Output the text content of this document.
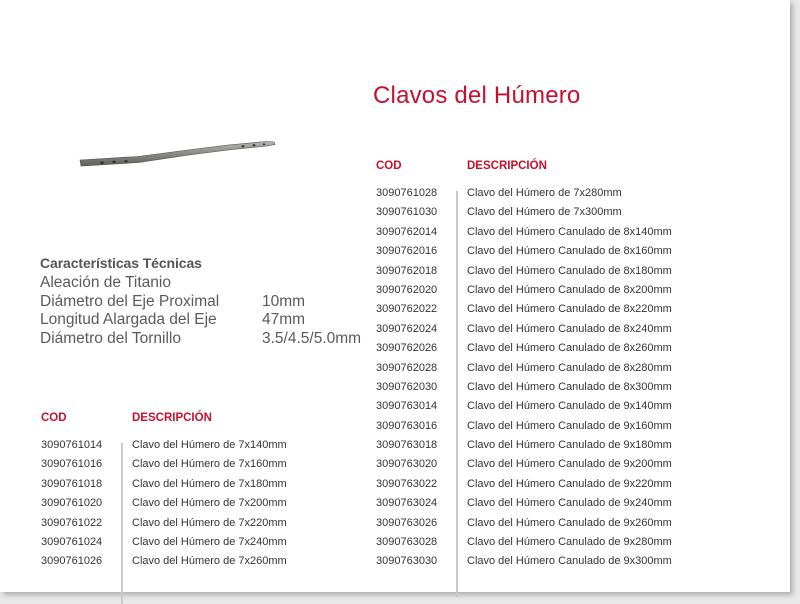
Clavos del Húmero
Características Técnicas
Aleación de Titanio
Diámetro del Eje Proximal	10mm
Longitud Alargada del Eje	47mm
Diámetro del Tornillo	3.5/4.5/5.0mm
COD	DESCRIPCIÓN
3090761014	Clavo del Húmero de 7x140mm
3090761016	Clavo del Húmero de 7x160mm
3090761018	Clavo del Húmero de 7x180mm
3090761020	Clavo del Húmero de 7x200mm
3090761022	Clavo del Húmero de 7x220mm
3090761024	Clavo del Húmero de 7x240mm
3090761026	Clavo del Húmero de 7x260mm
COD	DESCRIPCIÓN
3090761028	Clavo del Húmero de 7x280mm
3090761030	Clavo del Húmero de 7x300mm
3090762014	Clavo del Húmero Canulado de 8x140mm
3090762016	Clavo del Húmero Canulado de 8x160mm
3090762018	Clavo del Húmero Canulado de 8x180mm
3090762020	Clavo del Húmero Canulado de 8x200mm
3090762022	Clavo del Húmero Canulado de 8x220mm
3090762024	Clavo del Húmero Canulado de 8x240mm
3090762026	Clavo del Húmero Canulado de 8x260mm
3090762028	Clavo del Húmero Canulado de 8x280mm
3090762030	Clavo del Húmero Canulado de 8x300mm
3090763014	Clavo del Húmero Canulado de 9x140mm
3090763016	Clavo del Húmero Canulado de 9x160mm
3090763018	Clavo del Húmero Canulado de 9x180mm
3090763020	Clavo del Húmero Canulado de 9x200mm
3090763022	Clavo del Húmero Canulado de 9x220mm
3090763024	Clavo del Húmero Canulado de 9x240mm
3090763026	Clavo del Húmero Canulado de 9x260mm
3090763028	Clavo del Húmero Canulado de 9x280mm
3090763030	Clavo del Húmero Canulado de 9x300mm
